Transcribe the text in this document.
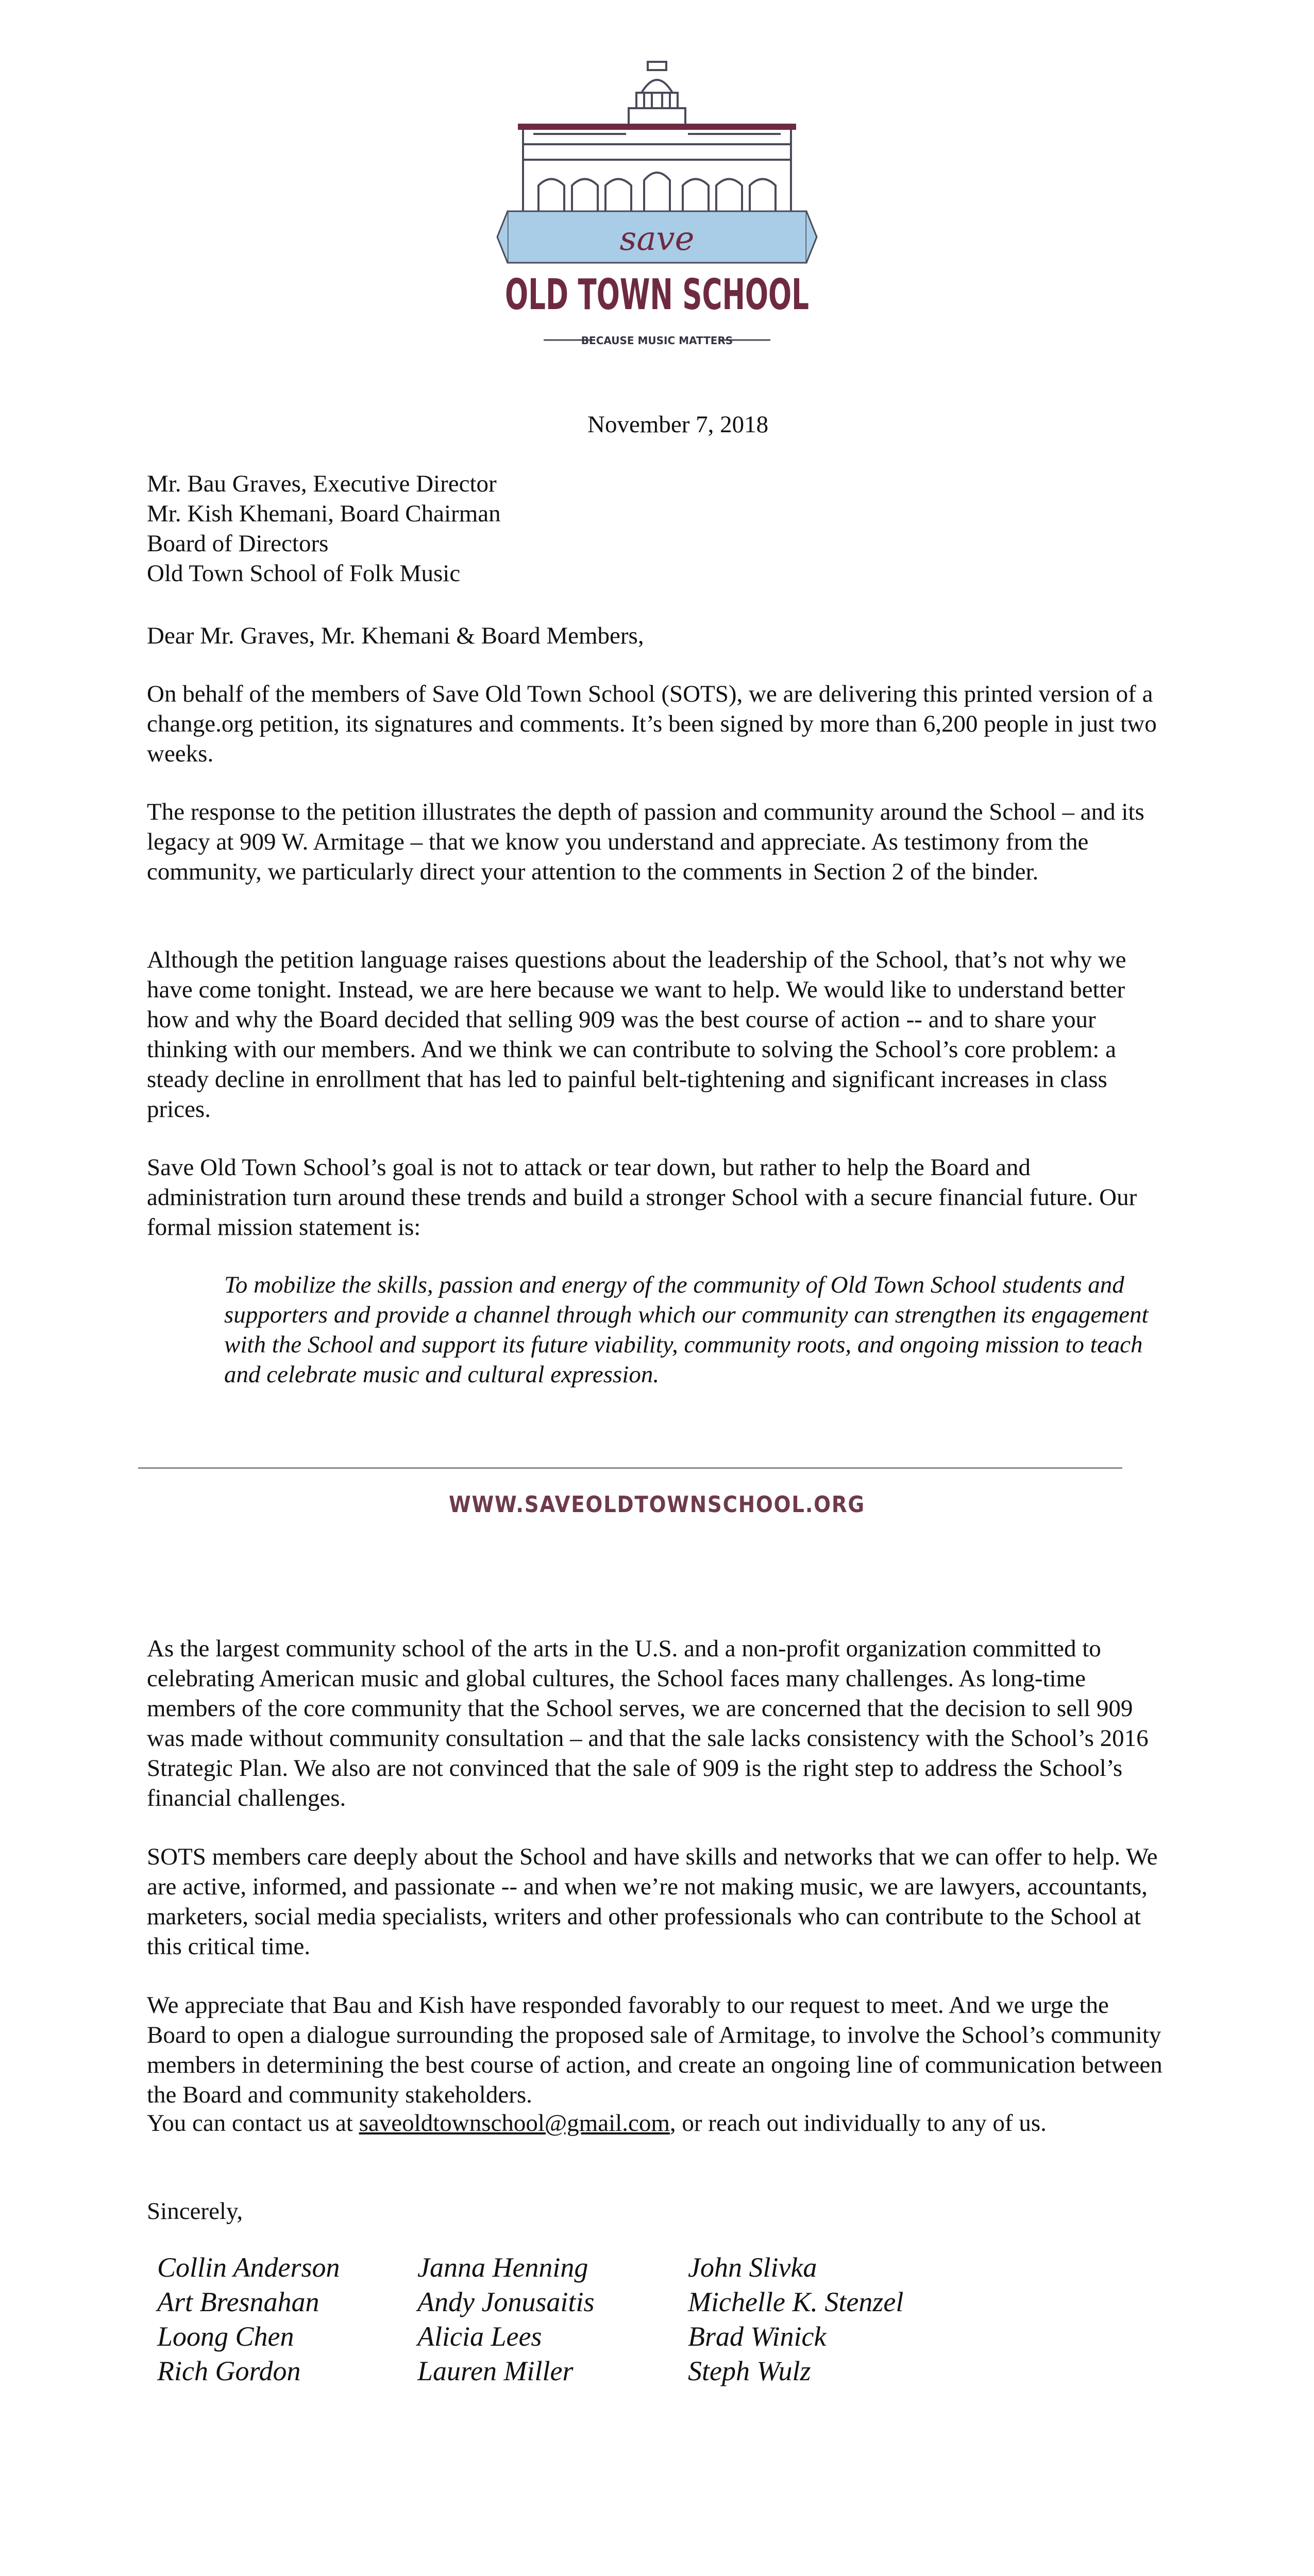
save
OLD TOWN SCHOOL
BECAUSE MUSIC MATTERS
November 7, 2018
Mr. Bau Graves, Executive Director
Mr. Kish Khemani, Board Chairman
Board of Directors
Old Town School of Folk Music
Dear Mr. Graves, Mr. Khemani & Board Members,

On behalf of the members of Save Old Town School (SOTS), we are delivering this printed version of a change.org petition, its signatures and comments. It’s been signed by more than 6,200 people in just two weeks.

The response to the petition illustrates the depth of passion and community around the School – and its legacy at 909 W. Armitage – that we know you understand and appreciate. As testimony from the community, we particularly direct your attention to the comments in Section 2 of the binder.

Although the petition language raises questions about the leadership of the School, that’s not why we have come tonight. Instead, we are here because we want to help. We would like to understand better how and why the Board decided that selling 909 was the best course of action -- and to share your thinking with our members. And we think we can contribute to solving the School’s core problem: a steady decline in enrollment that has led to painful belt-tightening and significant increases in class prices.

Save Old Town School’s goal is not to attack or tear down, but rather to help the Board and administration turn around these trends and build a stronger School with a secure financial future. Our formal mission statement is:

To mobilize the skills, passion and energy of the community of Old Town School students and supporters and provide a channel through which our community can strengthen its engagement with the School and support its future viability, community roots, and ongoing mission to teach and celebrate music and cultural expression.
WWW.SAVEOLDTOWNSCHOOL.ORG

As the largest community school of the arts in the U.S. and a non-profit organization committed to celebrating American music and global cultures, the School faces many challenges. As long-time members of the core community that the School serves, we are concerned that the decision to sell 909 was made without community consultation – and that the sale lacks consistency with the School’s 2016 Strategic Plan. We also are not convinced that the sale of 909 is the right step to address the School’s financial challenges.

SOTS members care deeply about the School and have skills and networks that we can offer to help. We are active, informed, and passionate -- and when we’re not making music, we are lawyers, accountants, marketers, social media specialists, writers and other professionals who can contribute to the School at this critical time.

We appreciate that Bau and Kish have responded favorably to our request to meet. And we urge the Board to open a dialogue surrounding the proposed sale of Armitage, to involve the School’s community members in determining the best course of action, and create an ongoing line of communication between the Board and community stakeholders.

You can contact us at saveoldtownschool@gmail.com, or reach out individually to any of us.

Sincerely,
Collin Anderson
Art Bresnahan
Loong Chen
Rich Gordon
Janna Henning
Andy Jonusaitis
Alicia Lees
Lauren Miller
John Slivka
Michelle K. Stenzel
Brad Winick
Steph Wulz
